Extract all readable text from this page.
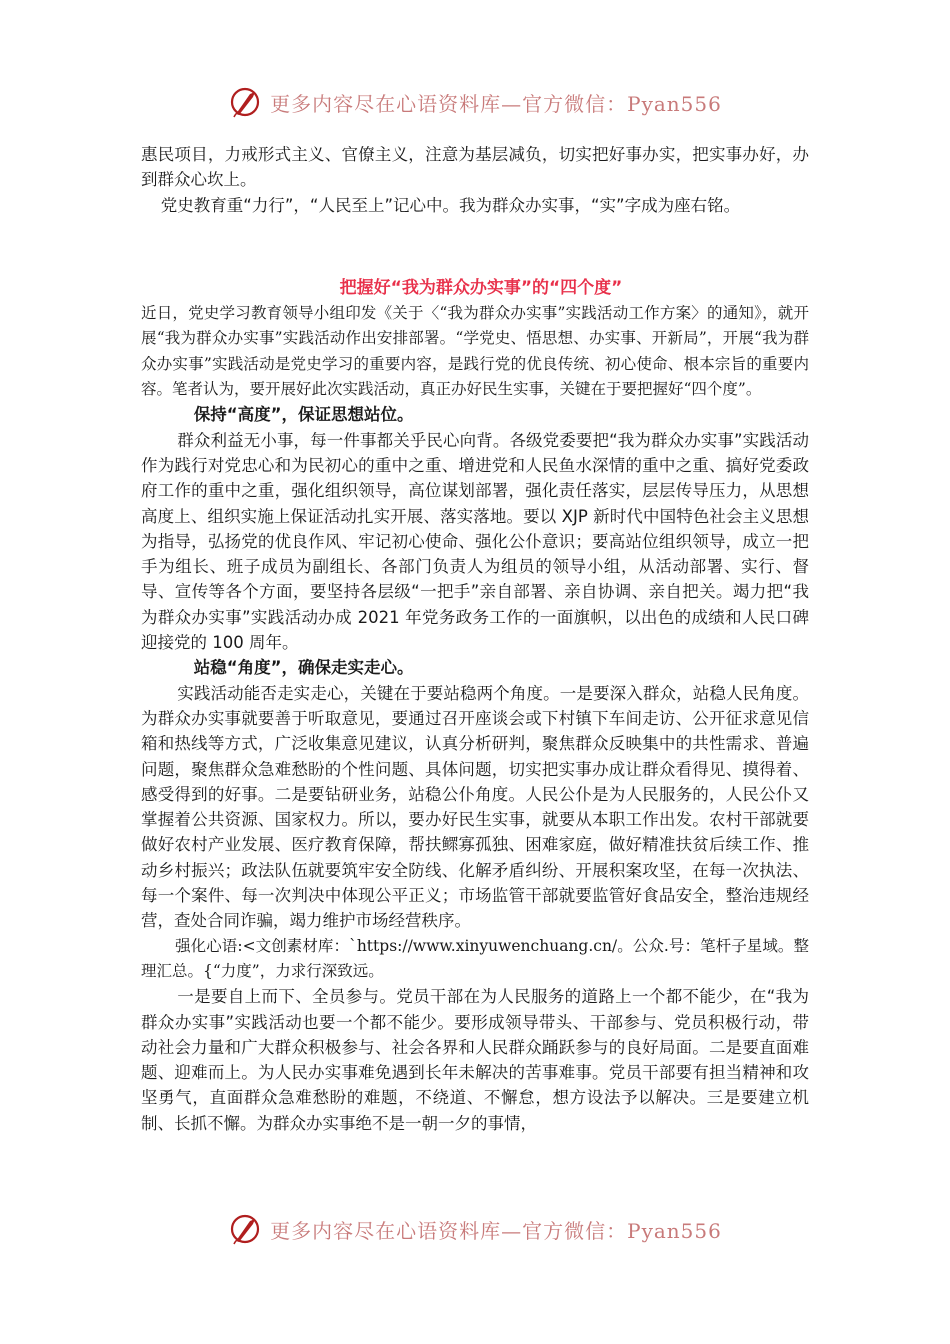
更多内容尽在心语资料库—官方微信：Pyan556

惠民项目，力戒形式主义、官僚主义，注意为基层减负，切实把好事办实，把实事办好，办到群众心坎上。

党史教育重“力行”，“人民至上”记心中。我为群众办实事，“实”字成为座右铭。

把握好“我为群众办实事”的“四个度”

近日，党史学习教育领导小组印发《关于〈“我为群众办实事”实践活动工作方案〉的通知》，就开展“我为群众办实事”实践活动作出安排部署。“学党史、悟思想、办实事、开新局”，开展“我为群众办实事”实践活动是党史学习的重要内容，是践行党的优良传统、初心使命、根本宗旨的重要内容。笔者认为，要开展好此次实践活动，真正办好民生实事，关键在于要把握好“四个度”。

保持“高度”，保证思想站位。

群众利益无小事，每一件事都关乎民心向背。各级党委要把“我为群众办实事”实践活动作为践行对党忠心和为民初心的重中之重、增进党和人民鱼水深情的重中之重、搞好党委政府工作的重中之重，强化组织领导，高位谋划部署，强化责任落实，层层传导压力，从思想高度上、组织实施上保证活动扎实开展、落实落地。要以 XJP 新时代中国特色社会主义思想为指导，弘扬党的优良作风、牢记初心使命、强化公仆意识；要高站位组织领导，成立一把手为组长、班子成员为副组长、各部门负责人为组员的领导小组，从活动部署、实行、督导、宣传等各个方面，要坚持各层级“一把手”亲自部署、亲自协调、亲自把关。竭力把“我为群众办实事”实践活动办成 2021 年党务政务工作的一面旗帜，以出色的成绩和人民口碑迎接党的 100 周年。

站稳“角度”，确保走实走心。

实践活动能否走实走心，关键在于要站稳两个角度。一是要深入群众，站稳人民角度。为群众办实事就要善于听取意见，要通过召开座谈会或下村镇下车间走访、公开征求意见信箱和热线等方式，广泛收集意见建议，认真分析研判，聚焦群众反映集中的共性需求、普遍问题，聚焦群众急难愁盼的个性问题、具体问题，切实把实事办成让群众看得见、摸得着、感受得到的好事。二是要钻研业务，站稳公仆角度。人民公仆是为人民服务的，人民公仆又掌握着公共资源、国家权力。所以，要办好民生实事，就要从本职工作出发。农村干部就要做好农村产业发展、医疗教育保障，帮扶鳏寡孤独、困难家庭，做好精准扶贫后续工作、推动乡村振兴；政法队伍就要筑牢安全防线、化解矛盾纠纷、开展积案攻坚，在每一次执法、每一个案件、每一次判决中体现公平正义；市场监管干部就要监管好食品安全，整治违规经营，查处合同诈骗，竭力维护市场经营秩序。

强化心语:<文创素材库：`https://www.xinyuwenchuang.cn/。公众.号：笔杆子星域。整理汇总。{“力度”，力求行深致远。

一是要自上而下、全员参与。党员干部在为人民服务的道路上一个都不能少，在“我为群众办实事”实践活动也要一个都不能少。要形成领导带头、干部参与、党员积极行动，带动社会力量和广大群众积极参与、社会各界和人民群众踊跃参与的良好局面。二是要直面难题、迎难而上。为人民办实事难免遇到长年未解决的苦事难事。党员干部要有担当精神和攻坚勇气，直面群众急难愁盼的难题，不绕道、不懈怠，想方设法予以解决。三是要建立机制、长抓不懈。为群众办实事绝不是一朝一夕的事情，

更多内容尽在心语资料库—官方微信：Pyan556
